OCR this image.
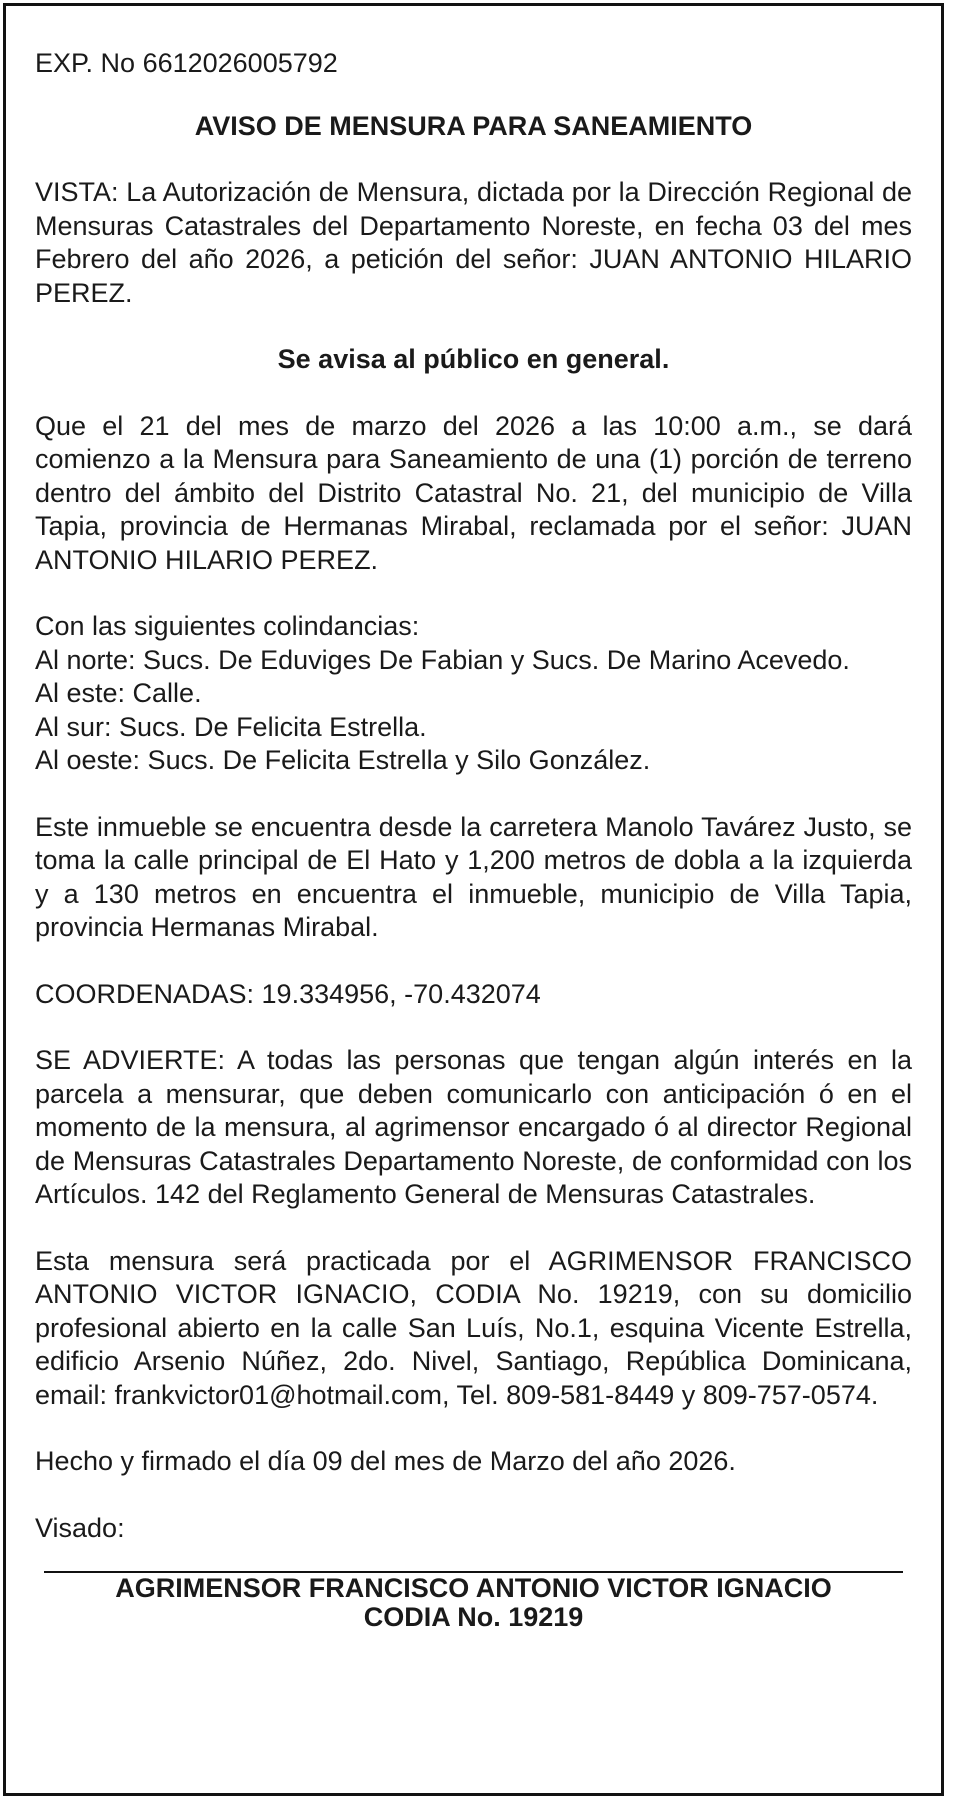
EXP. No 6612026005792
AVISO DE MENSURA PARA SANEAMIENTO
VISTA: La Autorización de Mensura, dictada por la Dirección Regional de Mensuras Catastrales del Departamento Noreste, en fecha 03 del mes Febrero del año 2026, a petición del señor: JUAN ANTONIO HILARIO PEREZ.
Se avisa al público en general.
Que el 21 del mes de marzo del 2026 a las 10:00 a.m., se dará comienzo a la Mensura para Saneamiento de una (1) porción de terreno dentro del ámbito del Distrito Catastral No. 21, del municipio de Villa Tapia, provincia de Hermanas Mirabal, reclamada por el señor: JUAN ANTONIO HILARIO PEREZ.
Con las siguientes colindancias:
Al norte: Sucs. De Eduviges De Fabian y Sucs. De Marino Acevedo.
Al este: Calle.
Al sur: Sucs. De Felicita Estrella.
Al oeste: Sucs. De Felicita Estrella y Silo González.
Este inmueble se encuentra desde la carretera Manolo Tavárez Justo, se toma la calle principal de El Hato y 1,200 metros de dobla a la izquierda y a 130 metros en encuentra el inmueble, municipio de Villa Tapia, provincia Hermanas Mirabal.
COORDENADAS: 19.334956, -70.432074
SE ADVIERTE: A todas las personas que tengan algún interés en la parcela a mensurar, que deben comunicarlo con anticipación ó en el momento de la mensura, al agrimensor encargado ó al director Regional de Mensuras Catastrales Departamento Noreste, de conformidad con los Artículos. 142 del Reglamento General de Mensuras Catastrales.
Esta mensura será practicada por el AGRIMENSOR FRANCISCO ANTONIO VICTOR IGNACIO, CODIA No. 19219, con su domicilio profesional abierto en la calle San Luís, No.1, esquina Vicente Estrella, edificio Arsenio Núñez, 2do. Nivel, Santiago, República Dominicana, email: frankvictor01@hotmail.com, Tel. 809-581-8449 y 809-757-0574.
Hecho y firmado el día 09 del mes de Marzo del año 2026.
Visado:
AGRIMENSOR FRANCISCO ANTONIO VICTOR IGNACIO
CODIA No. 19219
